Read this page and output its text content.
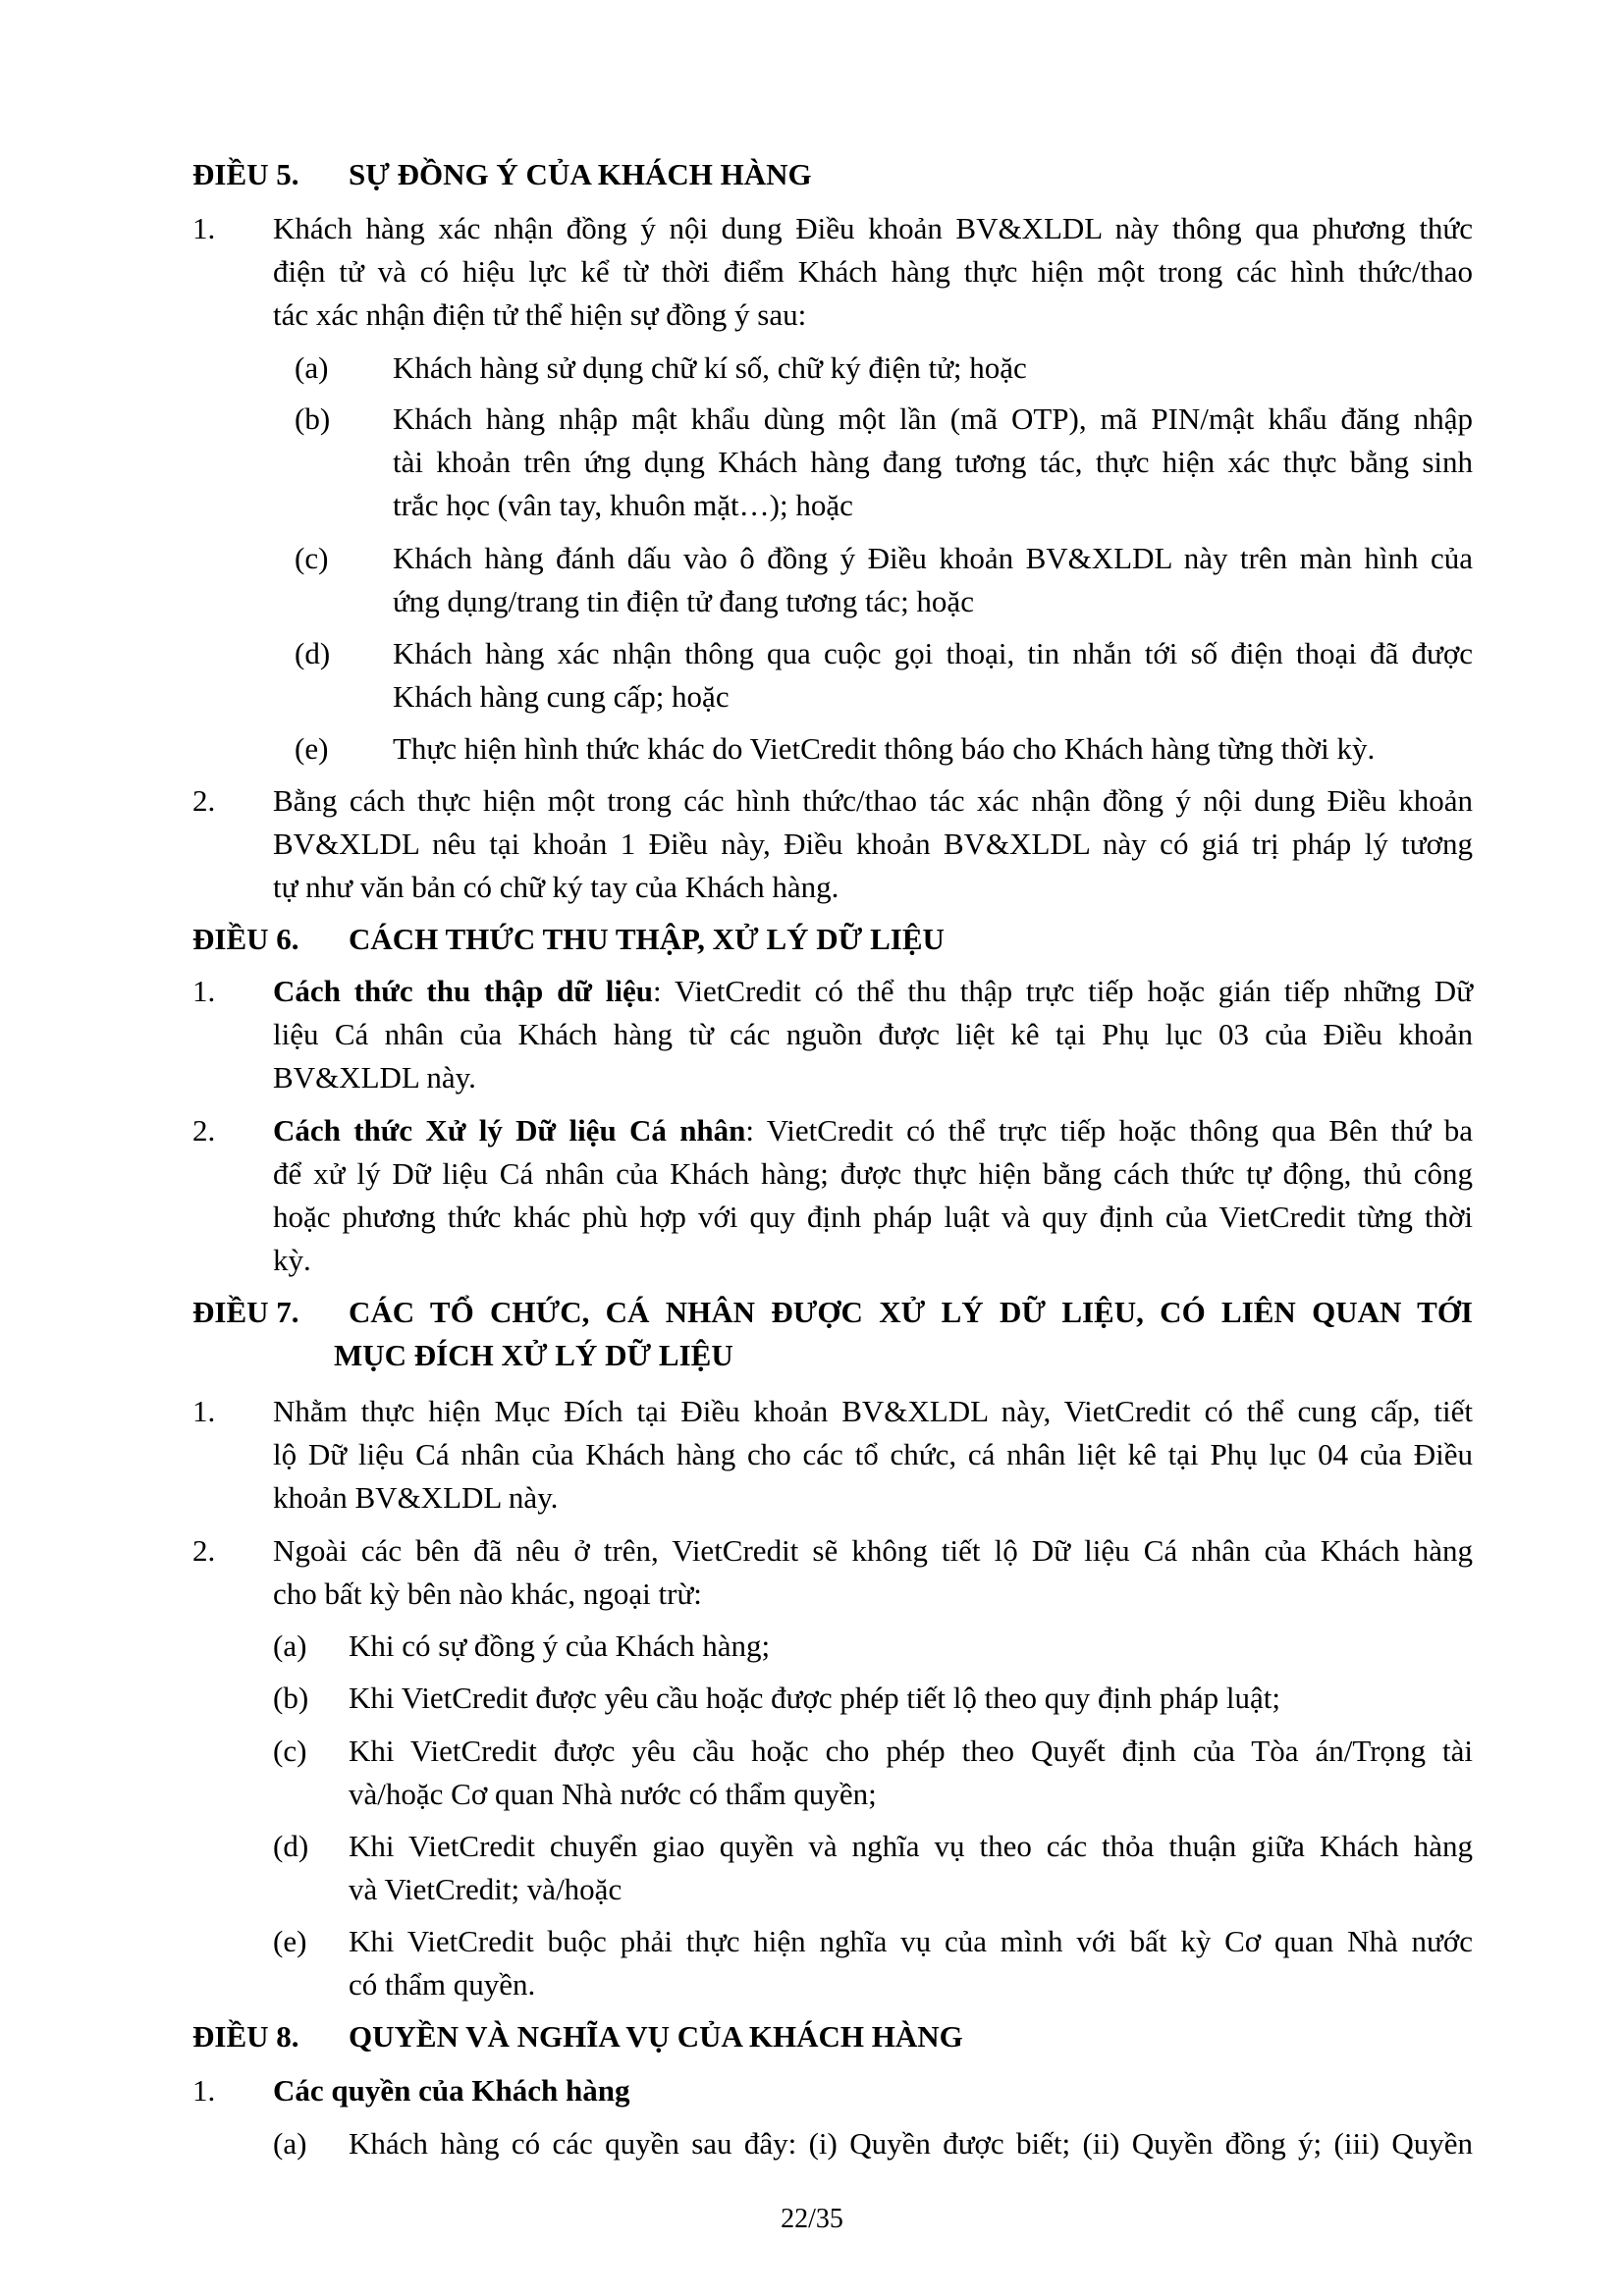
ĐIỀU 5. SỰ ĐỒNG Ý CỦA KHÁCH HÀNG
1. Khách hàng xác nhận đồng ý nội dung Điều khoản BV&XLDL này thông qua phương thức
điện tử và có hiệu lực kể từ thời điểm Khách hàng thực hiện một trong các hình thức/thao
tác xác nhận điện tử thể hiện sự đồng ý sau:
(a) Khách hàng sử dụng chữ kí số, chữ ký điện tử; hoặc
(b) Khách hàng nhập mật khẩu dùng một lần (mã OTP), mã PIN/mật khẩu đăng nhập
tài khoản trên ứng dụng Khách hàng đang tương tác, thực hiện xác thực bằng sinh
trắc học (vân tay, khuôn mặt…); hoặc
(c) Khách hàng đánh dấu vào ô đồng ý Điều khoản BV&XLDL này trên màn hình của
ứng dụng/trang tin điện tử đang tương tác; hoặc
(d) Khách hàng xác nhận thông qua cuộc gọi thoại, tin nhắn tới số điện thoại đã được
Khách hàng cung cấp; hoặc
(e) Thực hiện hình thức khác do VietCredit thông báo cho Khách hàng từng thời kỳ.
2. Bằng cách thực hiện một trong các hình thức/thao tác xác nhận đồng ý nội dung Điều khoản
BV&XLDL nêu tại khoản 1 Điều này, Điều khoản BV&XLDL này có giá trị pháp lý tương
tự như văn bản có chữ ký tay của Khách hàng.
ĐIỀU 6. CÁCH THỨC THU THẬP, XỬ LÝ DỮ LIỆU
1. Cách thức thu thập dữ liệu: VietCredit có thể thu thập trực tiếp hoặc gián tiếp những Dữ
liệu Cá nhân của Khách hàng từ các nguồn được liệt kê tại Phụ lục 03 của Điều khoản
BV&XLDL này.
2. Cách thức Xử lý Dữ liệu Cá nhân: VietCredit có thể trực tiếp hoặc thông qua Bên thứ ba
để xử lý Dữ liệu Cá nhân của Khách hàng; được thực hiện bằng cách thức tự động, thủ công
hoặc phương thức khác phù hợp với quy định pháp luật và quy định của VietCredit từng thời
kỳ.
ĐIỀU 7. CÁC TỔ CHỨC, CÁ NHÂN ĐƯỢC XỬ LÝ DỮ LIỆU, CÓ LIÊN QUAN TỚI
MỤC ĐÍCH XỬ LÝ DỮ LIỆU
1. Nhằm thực hiện Mục Đích tại Điều khoản BV&XLDL này, VietCredit có thể cung cấp, tiết
lộ Dữ liệu Cá nhân của Khách hàng cho các tổ chức, cá nhân liệt kê tại Phụ lục 04 của Điều
khoản BV&XLDL này.
2. Ngoài các bên đã nêu ở trên, VietCredit sẽ không tiết lộ Dữ liệu Cá nhân của Khách hàng
cho bất kỳ bên nào khác, ngoại trừ:
(a) Khi có sự đồng ý của Khách hàng;
(b) Khi VietCredit được yêu cầu hoặc được phép tiết lộ theo quy định pháp luật;
(c) Khi VietCredit được yêu cầu hoặc cho phép theo Quyết định của Tòa án/Trọng tài
và/hoặc Cơ quan Nhà nước có thẩm quyền;
(d) Khi VietCredit chuyển giao quyền và nghĩa vụ theo các thỏa thuận giữa Khách hàng
và VietCredit; và/hoặc
(e) Khi VietCredit buộc phải thực hiện nghĩa vụ của mình với bất kỳ Cơ quan Nhà nước
có thẩm quyền.
ĐIỀU 8. QUYỀN VÀ NGHĨA VỤ CỦA KHÁCH HÀNG
1. Các quyền của Khách hàng
(a) Khách hàng có các quyền sau đây: (i) Quyền được biết; (ii) Quyền đồng ý; (iii) Quyền
22/35
